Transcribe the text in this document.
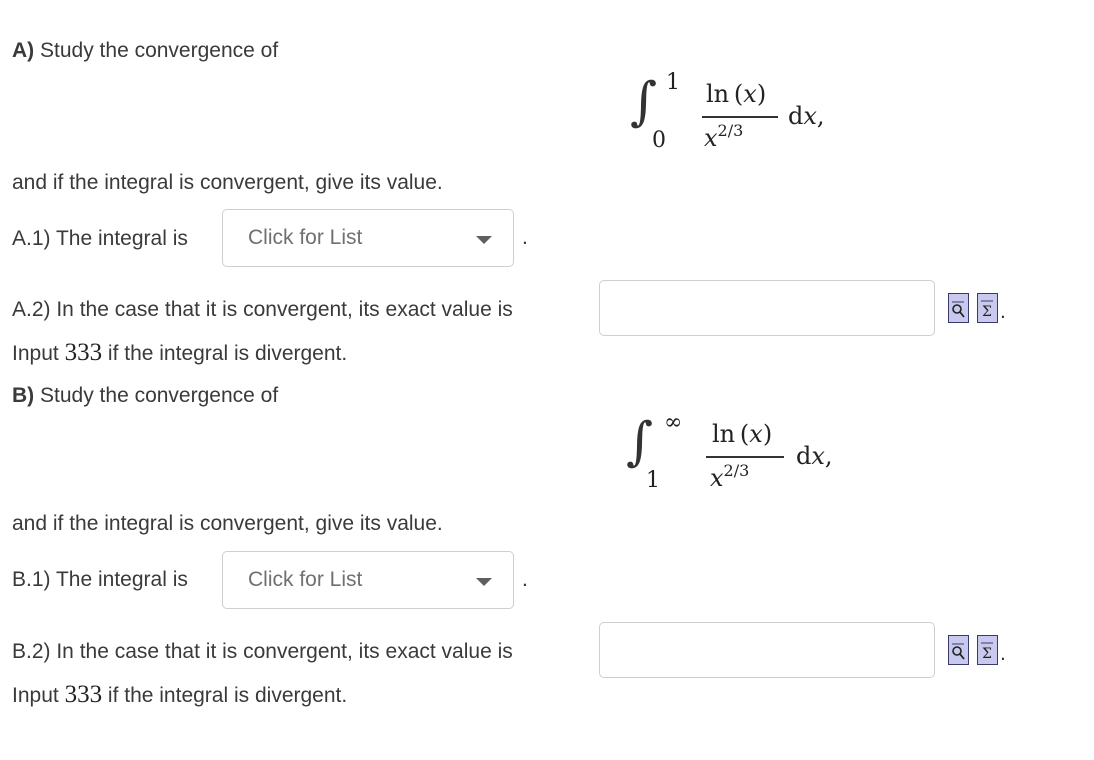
A) Study the convergence of
∫ 1
0
ln (x)
$x^{2/3}$
dx,
and if the integral is convergent, give its value.
A.1) The integral is	Click for List	.
A.2) In the case that it is convergent, its exact value is	Σ .
Input 333 if the integral is divergent.
B) Study the convergence of
∫ ∞
1
ln (x)
$x^{2/3}$
dx,
and if the integral is convergent, give its value.
B.1) The integral is	Click for List	.
B.2) In the case that it is convergent, its exact value is	Σ .
Input 333 if the integral is divergent.
